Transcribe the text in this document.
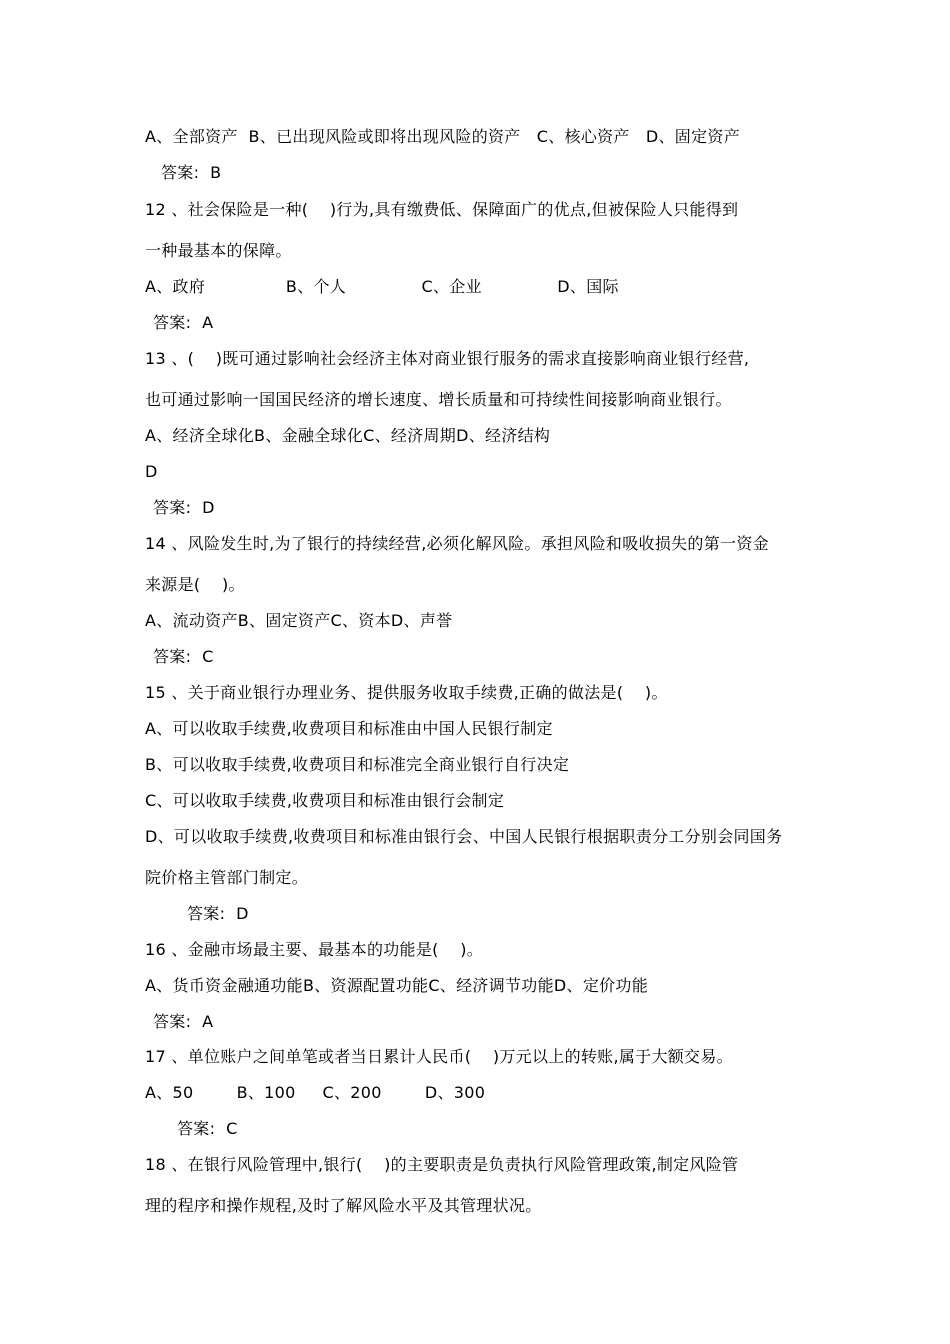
A、全部资产  B、已出现风险或即将出现风险的资产   C、核心资产   D、固定资产
答案:  B
12 、社会保险是一种(    )行为,具有缴费低、保障面广的优点,但被保险人只能得到
一种最基本的保障。
A、政府               B、个人              C、企业              D、国际
答案:  A
13 、(    )既可通过影响社会经济主体对商业银行服务的需求直接影响商业银行经营,
也可通过影响一国国民经济的增长速度、增长质量和可持续性间接影响商业银行。
A、经济全球化B、金融全球化C、经济周期D、经济结构
D
答案:  D
14 、风险发生时,为了银行的持续经营,必须化解风险。承担风险和吸收损失的第一资金
来源是(    )。
A、流动资产B、固定资产C、资本D、声誉
答案:  C
15 、关于商业银行办理业务、提供服务收取手续费,正确的做法是(    )。
A、可以收取手续费,收费项目和标准由中国人民银行制定
B、可以收取手续费,收费项目和标准完全商业银行自行决定
C、可以收取手续费,收费项目和标准由银行会制定
D、可以收取手续费,收费项目和标准由银行会、中国人民银行根据职责分工分别会同国务
院价格主管部门制定。
答案:  D
16 、金融市场最主要、最基本的功能是(    )。
A、货币资金融通功能B、资源配置功能C、经济调节功能D、定价功能
答案:  A
17 、单位账户之间单笔或者当日累计人民币(    )万元以上的转账,属于大额交易。
A、50        B、100     C、200        D、300
答案:  C
18 、在银行风险管理中,银行(    )的主要职责是负责执行风险管理政策,制定风险管
理的程序和操作规程,及时了解风险水平及其管理状况。
